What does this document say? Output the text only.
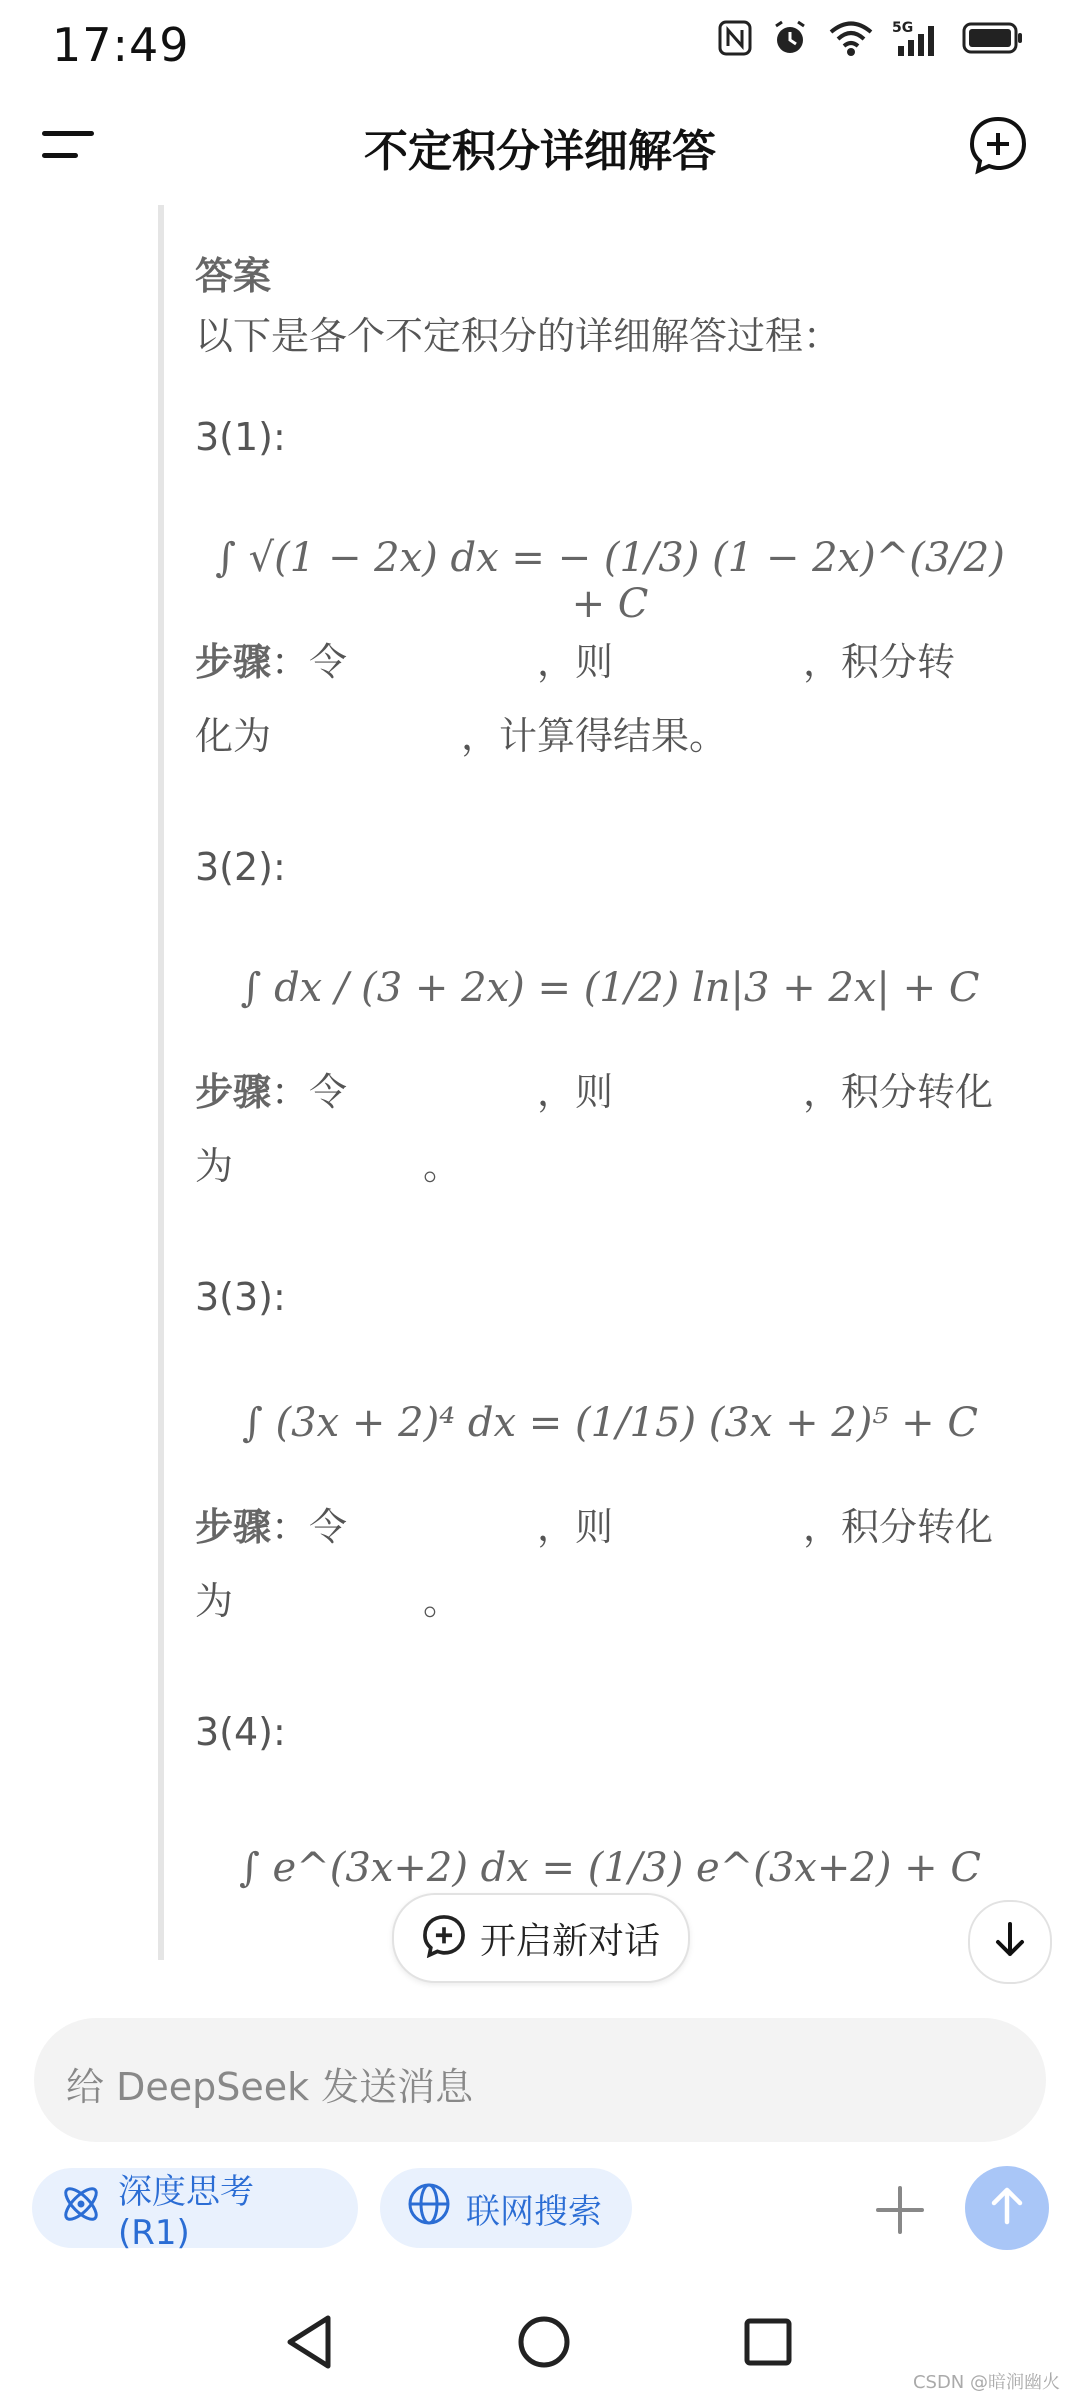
17:49	5G
不定积分详细解答
答案
以下是各个不定积分的详细解答过程：
3(1):
∫ √(1 − 2x) dx = − (1/3) (1 − 2x)^(3/2) + C
步骤：令　　　　　，则　　　　　，积分转
化为　　　　　，计算得结果。
3(2):
∫ dx / (3 + 2x) = (1/2) ln|3 + 2x| + C
步骤：令　　　　　，则　　　　　，积分转化
为　　　　　。
3(3):
∫ (3x + 2)⁴ dx = (1/15) (3x + 2)⁵ + C
步骤：令　　　　　，则　　　　　，积分转化
为　　　　　。
3(4):
∫ e^(3x+2) dx = (1/3) e^(3x+2) + C
开启新对话
给 DeepSeek 发送消息
深度思考 (R1)
联网搜索
CSDN @暗涧幽火
